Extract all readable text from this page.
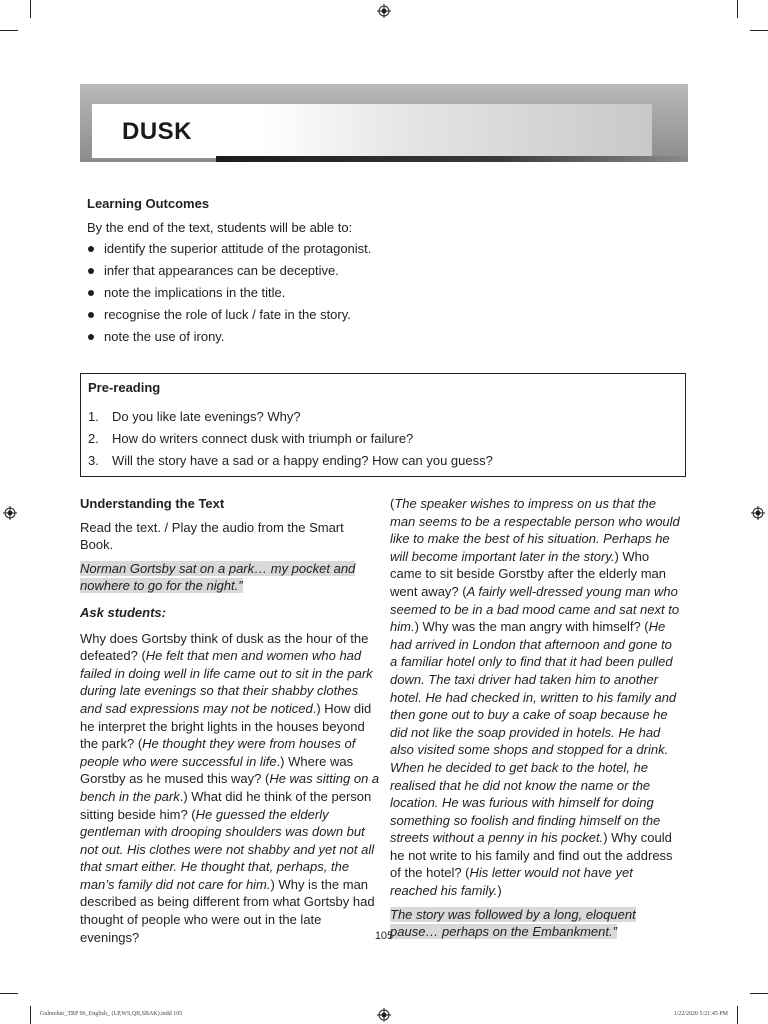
DUSK
Learning Outcomes
By the end of the text, students will be able to:
identify the superior attitude of the protagonist.
infer that appearances can be deceptive.
note the implications in the title.
recognise the role of luck / fate in the story.
note the use of irony.
Pre-reading
1. Do you like late evenings? Why?
2. How do writers connect dusk with triumph or failure?
3. Will the story have a sad or a happy ending? How can you guess?

Understanding the Text

Read the text. / Play the audio from the Smart Book.

Norman Gortsby sat on a park… my pocket and nowhere to go for the night.”

Ask students:

Why does Gortsby think of dusk as the hour of the defeated? (He felt that men and women who had failed in doing well in life came out to sit in the park during late evenings so that their shabby clothes and sad expressions may not be noticed.) How did he interpret the bright lights in the houses beyond the park? (He thought they were from houses of people who were successful in life.) Where was Gorstby as he mused this way? (He was sitting on a bench in the park.) What did he think of the person sitting beside him? (He guessed the elderly gentleman with drooping shoulders was down but not out. His clothes were not shabby and yet not all that smart either. He thought that, perhaps, the man’s family did not care for him.) Why is the man described as being different from what Gortsby had thought of people who were out in the late evenings?

(The speaker wishes to impress on us that the man seems to be a respectable person who would like to make the best of his situation. Perhaps he will become important later in the story.) Who came to sit beside Gorstby after the elderly man went away? (A fairly well-dressed young man who seemed to be in a bad mood came and sat next to him.) Why was the man angry with himself? (He had arrived in London that afternoon and gone to a familiar hotel only to find that it had been pulled down. The taxi driver had taken him to another hotel. He had checked in, written to his family and then gone out to buy a cake of soap because he did not like the soap provided in hotels. He had also visited some shops and stopped for a drink. When he decided to get back to the hotel, he realised that he did not know the name or the location. He was furious with himself for doing something so foolish and finding himself on the streets without a penny in his pocket.) Why could he not write to his family and find out the address of the hotel? (His letter would not have yet reached his family.)

The story was followed by a long, eloquent pause… perhaps on the Embankment.”

105
Gulmohar_TRP 06_English_ (LP,WS,QB,SBAK).indd 105	1/22/2020 5:21:45 PM
